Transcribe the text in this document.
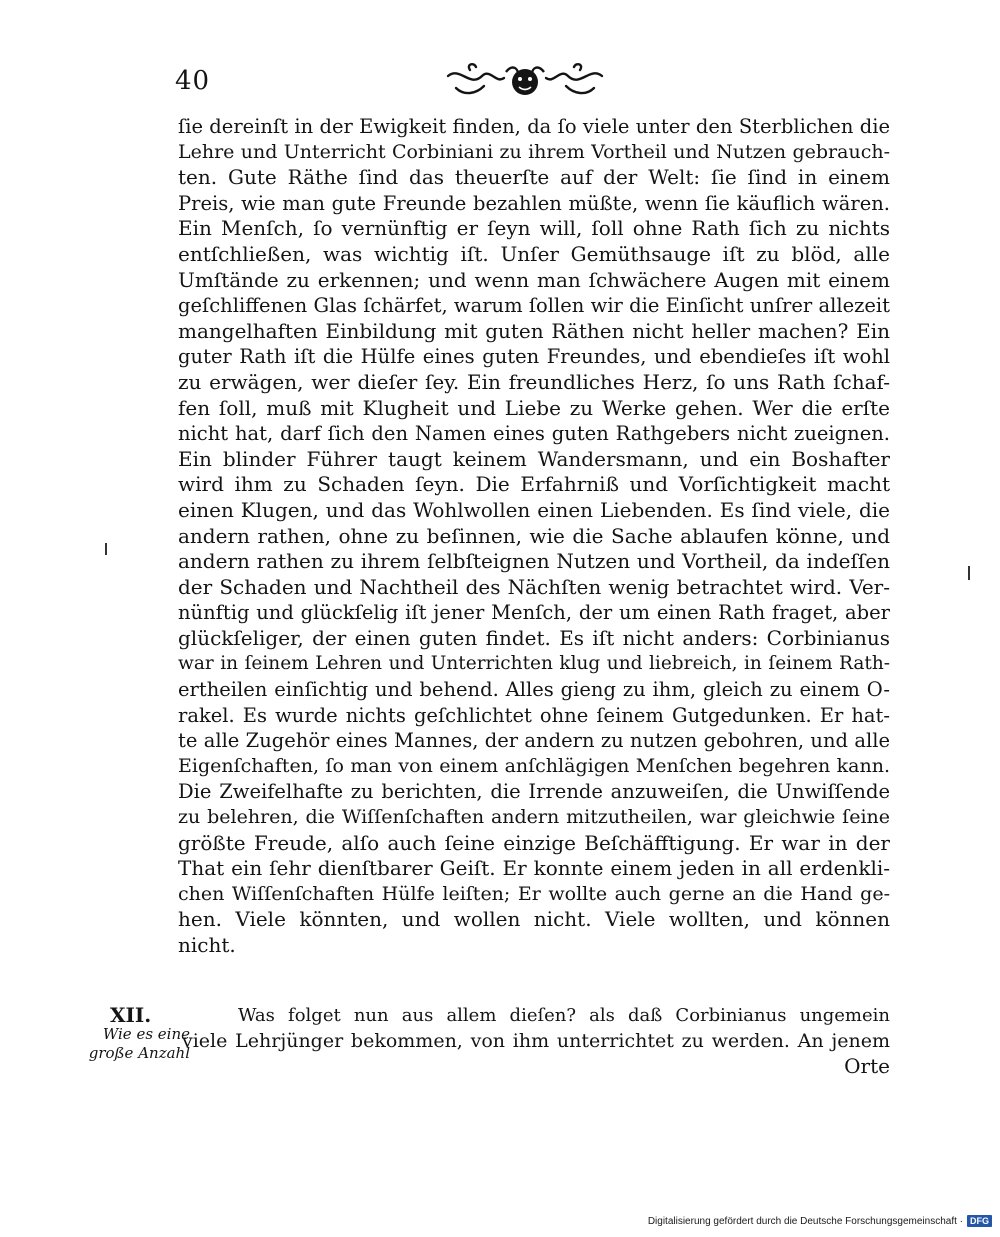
40
ſie dereinſt in der Ewigkeit finden, da ſo viele unter den Sterblichen die
Lehre und Unterricht Corbiniani zu ihrem Vortheil und Nutzen gebrauch-
ten. Gute Räthe ſind das theuerſte auf der Welt: ſie ſind in einem
Preis, wie man gute Freunde bezahlen müßte, wenn ſie käuflich wären.
Ein Menſch, ſo vernünftig er ſeyn will, ſoll ohne Rath ſich zu nichts
entſchließen, was wichtig iſt. Unſer Gemüthsauge iſt zu blöd, alle
Umſtände zu erkennen; und wenn man ſchwächere Augen mit einem
geſchliffenen Glas ſchärfet, warum ſollen wir die Einſicht unſrer allezeit
mangelhaften Einbildung mit guten Räthen nicht heller machen? Ein
guter Rath iſt die Hülfe eines guten Freundes, und ebendieſes iſt wohl
zu erwägen, wer dieſer ſey. Ein freundliches Herz, ſo uns Rath ſchaf-
fen ſoll, muß mit Klugheit und Liebe zu Werke gehen. Wer die erſte
nicht hat, darf ſich den Namen eines guten Rathgebers nicht zueignen.
Ein blinder Führer taugt keinem Wandersmann, und ein Boshafter
wird ihm zu Schaden ſeyn. Die Erfahrniß und Vorſichtigkeit macht
einen Klugen, und das Wohlwollen einen Liebenden. Es ſind viele, die
andern rathen, ohne zu beſinnen, wie die Sache ablaufen könne, und
andern rathen zu ihrem ſelbſteignen Nutzen und Vortheil, da indeſſen
der Schaden und Nachtheil des Nächſten wenig betrachtet wird. Ver-
nünftig und glückſelig iſt jener Menſch, der um einen Rath fraget, aber
glückſeliger, der einen guten findet. Es iſt nicht anders: Corbinianus
war in ſeinem Lehren und Unterrichten klug und liebreich, in ſeinem Rath-
ertheilen einſichtig und behend. Alles gieng zu ihm, gleich zu einem O-
rakel. Es wurde nichts geſchlichtet ohne ſeinem Gutgedunken. Er hat-
te alle Zugehör eines Mannes, der andern zu nutzen gebohren, und alle
Eigenſchaften, ſo man von einem anſchlägigen Menſchen begehren kann.
Die Zweifelhafte zu berichten, die Irrende anzuweiſen, die Unwiſſende
zu belehren, die Wiſſenſchaften andern mitzutheilen, war gleichwie ſeine
größte Freude, alſo auch ſeine einzige Beſchäfftigung. Er war in der
That ein ſehr dienſtbarer Geiſt. Er konnte einem jeden in all erdenkli-
chen Wiſſenſchaften Hülfe leiſten; Er wollte auch gerne an die Hand ge-
hen. Viele könnten, und wollen nicht. Viele wollten, und können
nicht.
XII.
Wie es eine große Anzahl
Was folget nun aus allem dieſen? als daß Corbinianus ungemein
viele Lehrjünger bekommen, von ihm unterrichtet zu werden. An jenem
Orte
Digitalisierung gefördert durch die Deutsche Forschungsgemeinschaft · DFG
